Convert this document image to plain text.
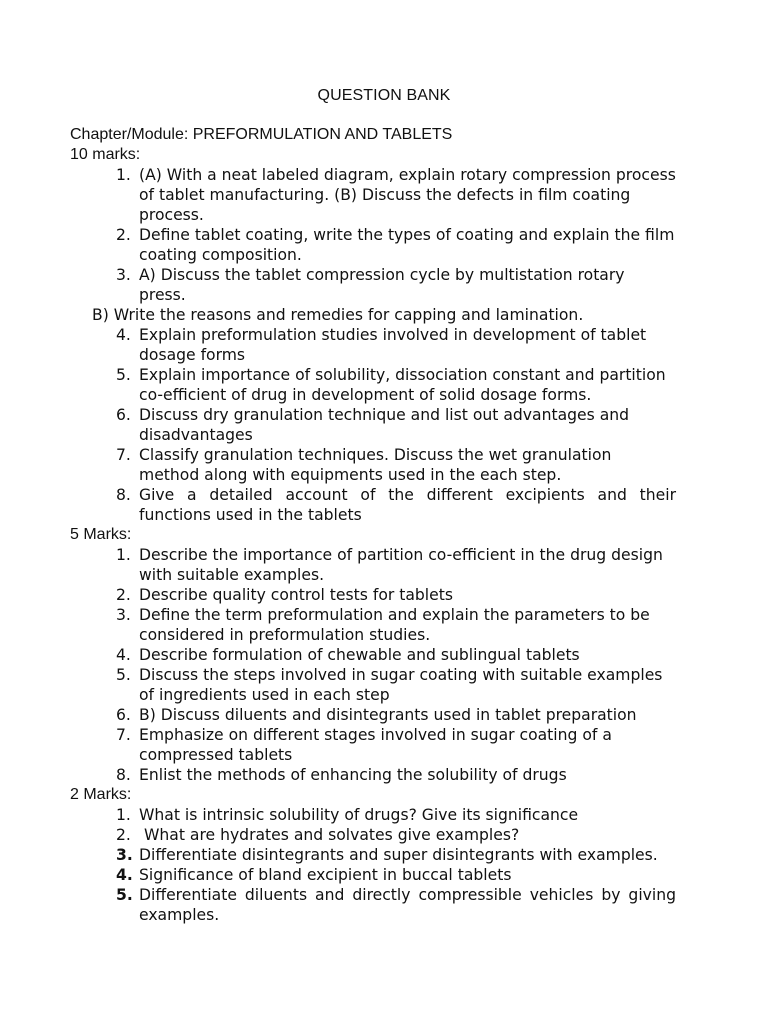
QUESTION BANK
Chapter/Module: PREFORMULATION AND TABLETS
10 marks:
1. (A) With a neat labeled diagram, explain rotary compression process of tablet manufacturing. (B) Discuss the defects in film coating process.
2. Define tablet coating, write the types of coating and explain the film coating composition.
3. A) Discuss the tablet compression cycle by multistation rotary press.
B) Write the reasons and remedies for capping and lamination.
4. Explain preformulation studies involved in development of tablet dosage forms
5. Explain importance of solubility, dissociation constant and partition co-efficient of drug in development of solid dosage forms.
6. Discuss dry granulation technique and list out advantages and disadvantages
7. Classify granulation techniques. Discuss the wet granulation method along with equipments used in the each step.
8. Give a detailed account of the different excipients and their functions used in the tablets
5 Marks:
1. Describe the importance of partition co-efficient in the drug design with suitable examples.
2. Describe quality control tests for tablets
3. Define the term preformulation and explain the parameters to be considered in preformulation studies.
4. Describe formulation of chewable and sublingual tablets
5. Discuss the steps involved in sugar coating with suitable examples of ingredients used in each step
6. B) Discuss diluents and disintegrants used in tablet preparation
7. Emphasize on different stages involved in sugar coating of a compressed tablets
8. Enlist the methods of enhancing the solubility of drugs
2 Marks:
1. What is intrinsic solubility of drugs? Give its significance
2. What are hydrates and solvates give examples?
3. Differentiate disintegrants and super disintegrants with examples.
4. Significance of bland excipient in buccal tablets
5. Differentiate diluents and directly compressible vehicles by giving examples.
